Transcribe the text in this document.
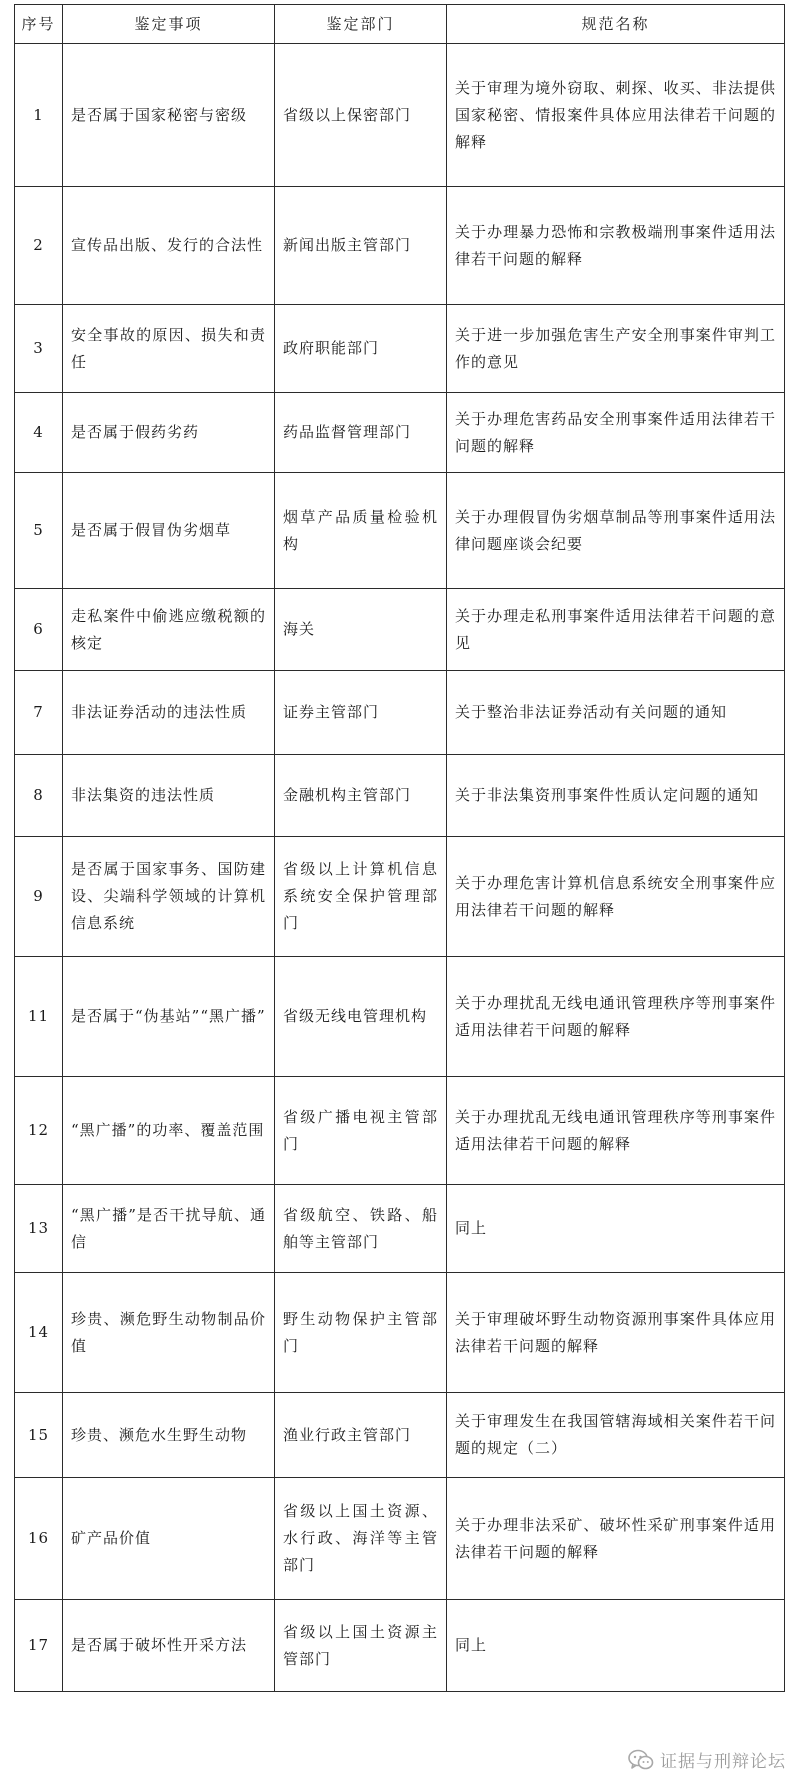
序号	鉴定事项	鉴定部门	规范名称
1	是否属于国家秘密与密级	省级以上保密部门	关于审理为境外窃取、刺探、收买、非法提供国家秘密、情报案件具体应用法律若干问题的解释
2	宣传品出版、发行的合法性	新闻出版主管部门	关于办理暴力恐怖和宗教极端刑事案件适用法律若干问题的解释
3	安全事故的原因、损失和责任	政府职能部门	关于进一步加强危害生产安全刑事案件审判工作的意见
4	是否属于假药劣药	药品监督管理部门	关于办理危害药品安全刑事案件适用法律若干问题的解释
5	是否属于假冒伪劣烟草	烟草产品质量检验机构	关于办理假冒伪劣烟草制品等刑事案件适用法律问题座谈会纪要
6	走私案件中偷逃应缴税额的核定	海关	关于办理走私刑事案件适用法律若干问题的意见
7	非法证券活动的违法性质	证券主管部门	关于整治非法证券活动有关问题的通知
8	非法集资的违法性质	金融机构主管部门	关于非法集资刑事案件性质认定问题的通知
9	是否属于国家事务、国防建设、尖端科学领域的计算机信息系统	省级以上计算机信息系统安全保护管理部门	关于办理危害计算机信息系统安全刑事案件应用法律若干问题的解释
11	是否属于“伪基站”“黑广播”	省级无线电管理机构	关于办理扰乱无线电通讯管理秩序等刑事案件适用法律若干问题的解释
12	“黑广播”的功率、覆盖范围	省级广播电视主管部门	关于办理扰乱无线电通讯管理秩序等刑事案件适用法律若干问题的解释
13	“黑广播”是否干扰导航、通信	省级航空、铁路、船舶等主管部门	同上
14	珍贵、濒危野生动物制品价值	野生动物保护主管部门	关于审理破坏野生动物资源刑事案件具体应用法律若干问题的解释
15	珍贵、濒危水生野生动物	渔业行政主管部门	关于审理发生在我国管辖海域相关案件若干问题的规定（二）
16	矿产品价值	省级以上国土资源、水行政、海洋等主管部门	关于办理非法采矿、破坏性采矿刑事案件适用法律若干问题的解释
17	是否属于破坏性开采方法	省级以上国土资源主管部门	同上
证据与刑辩论坛
